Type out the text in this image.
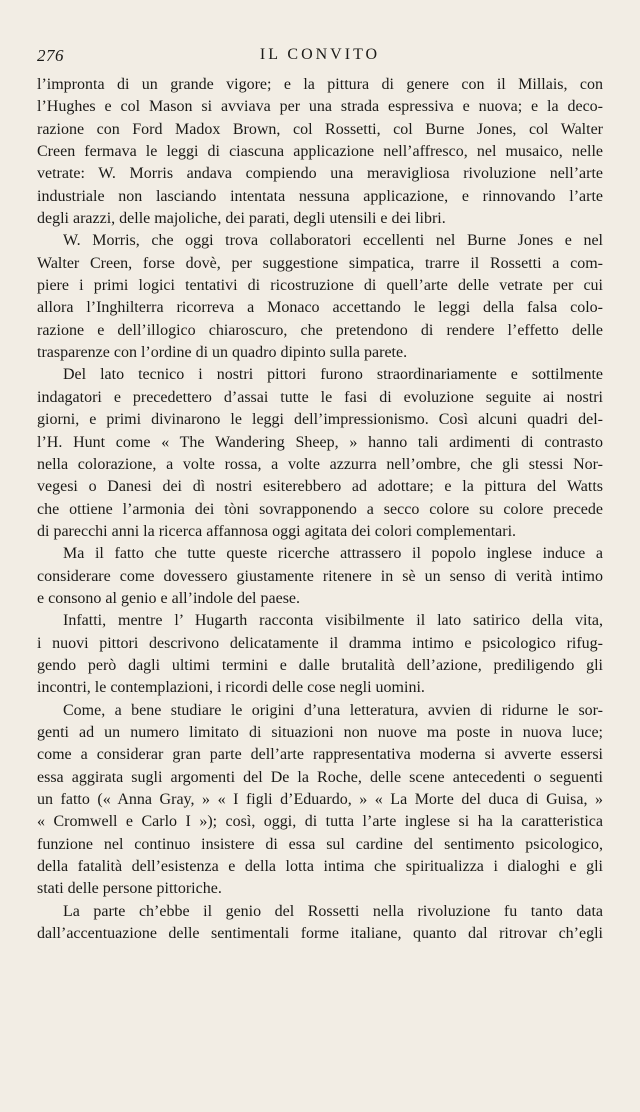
276	IL CONVITO

l’impronta di un grande vigore; e la pittura di genere con il Millais, con

l’Hughes e col Mason si avviava per una strada espressiva e nuova; e la deco-

razione con Ford Madox Brown, col Rossetti, col Burne Jones, col Walter

Creen fermava le leggi di ciascuna applicazione nell’affresco, nel musaico, nelle

vetrate: W. Morris andava compiendo una meravigliosa rivoluzione nell’arte

industriale non lasciando intentata nessuna applicazione, e rinnovando l’arte

degli arazzi, delle majoliche, dei parati, degli utensili e dei libri.

W. Morris, che oggi trova collaboratori eccellenti nel Burne Jones e nel

Walter Creen, forse dovè, per suggestione simpatica, trarre il Rossetti a com-

piere i primi logici tentativi di ricostruzione di quell’arte delle vetrate per cui

allora l’Inghilterra ricorreva a Monaco accettando le leggi della falsa colo-

razione e dell’illogico chiaroscuro, che pretendono di rendere l’effetto delle

trasparenze con l’ordine di un quadro dipinto sulla parete.

Del lato tecnico i nostri pittori furono straordinariamente e sottilmente

indagatori e precedettero d’assai tutte le fasi di evoluzione seguite ai nostri

giorni, e primi divinarono le leggi dell’impressionismo. Così alcuni quadri del-

l’H. Hunt come « The Wandering Sheep, » hanno tali ardimenti di contrasto

nella colorazione, a volte rossa, a volte azzurra nell’ombre, che gli stessi Nor-

vegesi o Danesi dei dì nostri esiterebbero ad adottare; e la pittura del Watts

che ottiene l’armonia dei tòni sovrapponendo a secco colore su colore precede

di parecchi anni la ricerca affannosa oggi agitata dei colori complementari.

Ma il fatto che tutte queste ricerche attrassero il popolo inglese induce a

considerare come dovessero giustamente ritenere in sè un senso di verità intimo

e consono al genio e all’indole del paese.

Infatti, mentre l’ Hugarth racconta visibilmente il lato satirico della vita,

i nuovi pittori descrivono delicatamente il dramma intimo e psicologico rifug-

gendo però dagli ultimi termini e dalle brutalità dell’azione, prediligendo gli

incontri, le contemplazioni, i ricordi delle cose negli uomini.

Come, a bene studiare le origini d’una letteratura, avvien di ridurne le sor-

genti ad un numero limitato di situazioni non nuove ma poste in nuova luce;

come a considerar gran parte dell’arte rappresentativa moderna si avverte essersi

essa aggirata sugli argomenti del De la Roche, delle scene antecedenti o seguenti

un fatto (« Anna Gray, » « I figli d’Eduardo, » « La Morte del duca di Guisa, »

« Cromwell e Carlo I »); così, oggi, di tutta l’arte inglese si ha la caratteristica

funzione nel continuo insistere di essa sul cardine del sentimento psicologico,

della fatalità dell’esistenza e della lotta intima che spiritualizza i dialoghi e gli

stati delle persone pittoriche.

La parte ch’ebbe il genio del Rossetti nella rivoluzione fu tanto data

dall’accentuazione delle sentimentali forme italiane, quanto dal ritrovar ch’egli
